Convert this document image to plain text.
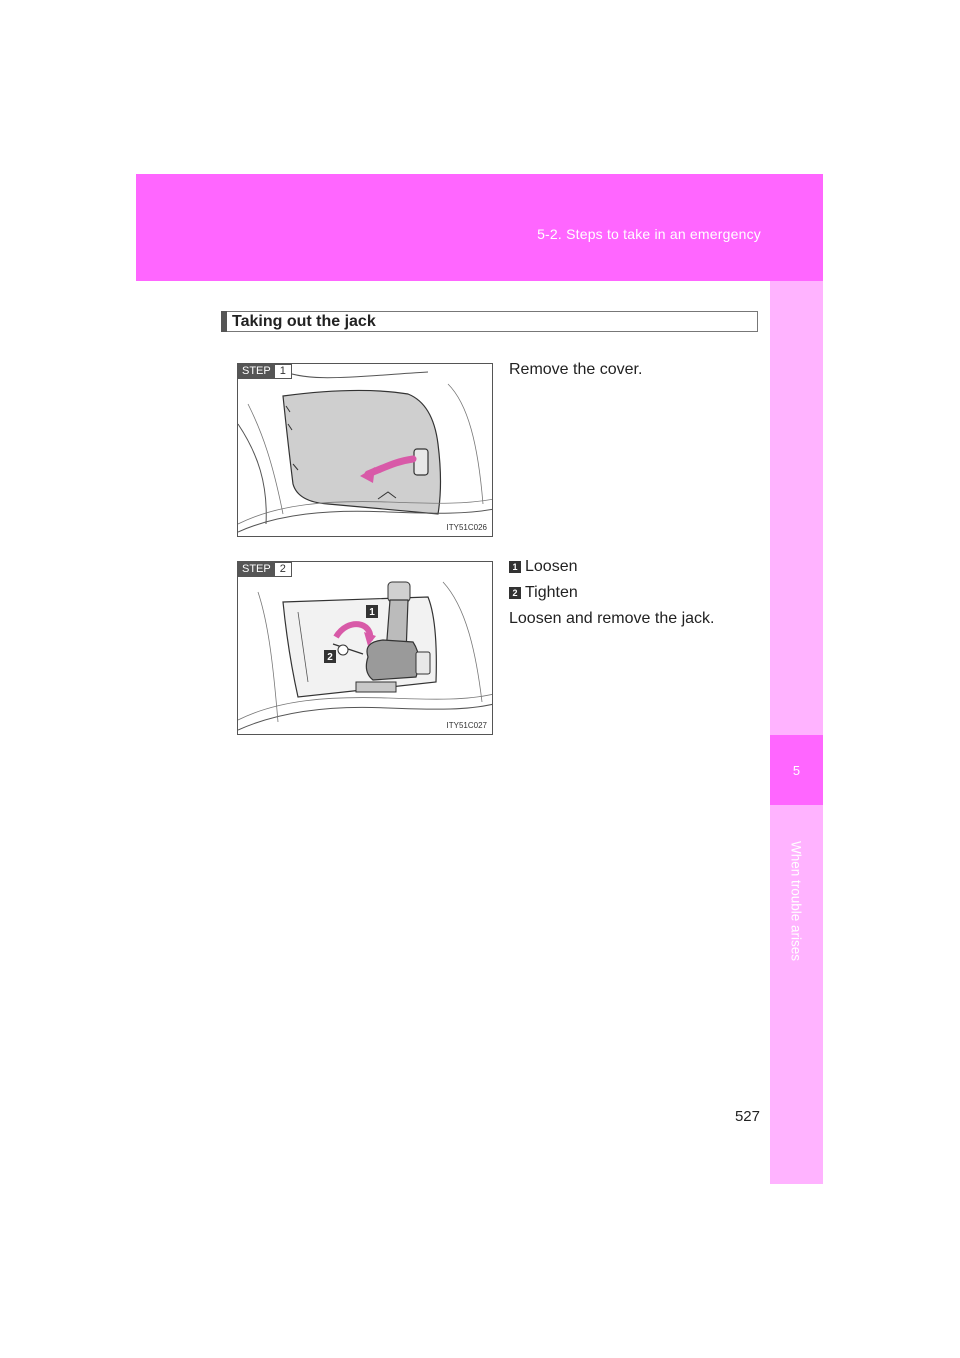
5-2. Steps to take in an emergency
5
When trouble arises
Taking out the jack
STEP 1
ITY51C026
Remove the cover.
STEP 2
1
2
ITY51C027
1 Loosen
2 Tighten
Loosen and remove the jack.
527
